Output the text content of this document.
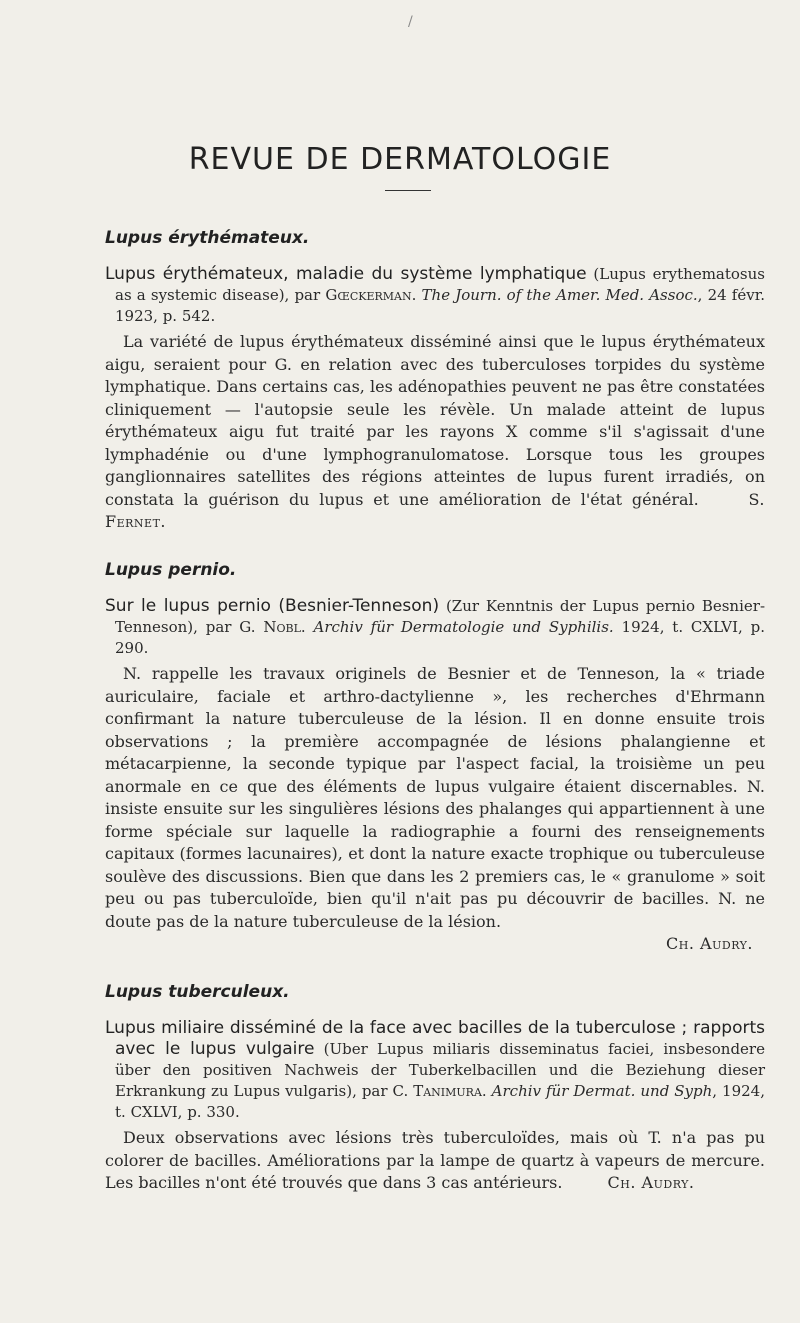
/
REVUE DE DERMATOLOGIE
Lupus érythémateux.
Lupus érythémateux, maladie du système lymphatique (Lupus erythematosus as a systemic disease), par Gœckerman. The Journ. of the Amer. Med. Assoc., 24 févr. 1923, p. 542.
La variété de lupus érythémateux disséminé ainsi que le lupus érythémateux aigu, seraient pour G. en relation avec des tuberculoses torpides du système lymphatique. Dans certains cas, les adénopathies peuvent ne pas être constatées cliniquement — l'autopsie seule les révèle. Un malade atteint de lupus érythémateux aigu fut traité par les rayons X comme s'il s'agissait d'une lymphadénie ou d'une lymphogranulomatose. Lorsque tous les groupes ganglionnaires satellites des régions atteintes de lupus furent irradiés, on constata la guérison du lupus et une amélioration de l'état général.	S. Fernet.
Lupus pernio.
Sur le lupus pernio (Besnier-Tenneson) (Zur Kenntnis der Lupus pernio Besnier-Tenneson), par G. Nobl. Archiv für Dermatologie und Syphilis. 1924, t. CXLVI, p. 290.
N. rappelle les travaux originels de Besnier et de Tenneson, la « triade auriculaire, faciale et arthro-dactylienne », les recherches d'Ehrmann confirmant la nature tuberculeuse de la lésion. Il en donne ensuite trois observations ; la première accompagnée de lésions phalangienne et métacarpienne, la seconde typique par l'aspect facial, la troisième un peu anormale en ce que des éléments de lupus vulgaire étaient discernables. N. insiste ensuite sur les singulières lésions des phalanges qui appartiennent à une forme spéciale sur laquelle la radiographie a fourni des renseignements capitaux (formes lacunaires), et dont la nature exacte trophique ou tuberculeuse soulève des discussions. Bien que dans les 2 premiers cas, le « granulome » soit peu ou pas tuberculoïde, bien qu'il n'ait pas pu découvrir de bacilles. N. ne doute pas de la nature tuberculeuse de la lésion.
Ch. Audry.
Lupus tuberculeux.
Lupus miliaire disséminé de la face avec bacilles de la tuberculose ; rapports avec le lupus vulgaire (Uber Lupus miliaris disseminatus faciei, insbesondere über den positiven Nachweis der Tuberkelbacillen und die Beziehung dieser Erkrankung zu Lupus vulgaris), par C. Tanimura. Archiv für Dermat. und Syph, 1924, t. CXLVI, p. 330.
Deux observations avec lésions très tuberculoïdes, mais où T. n'a pas pu colorer de bacilles. Améliorations par la lampe de quartz à vapeurs de mercure. Les bacilles n'ont été trouvés que dans 3 cas antérieurs.	Ch. Audry.
